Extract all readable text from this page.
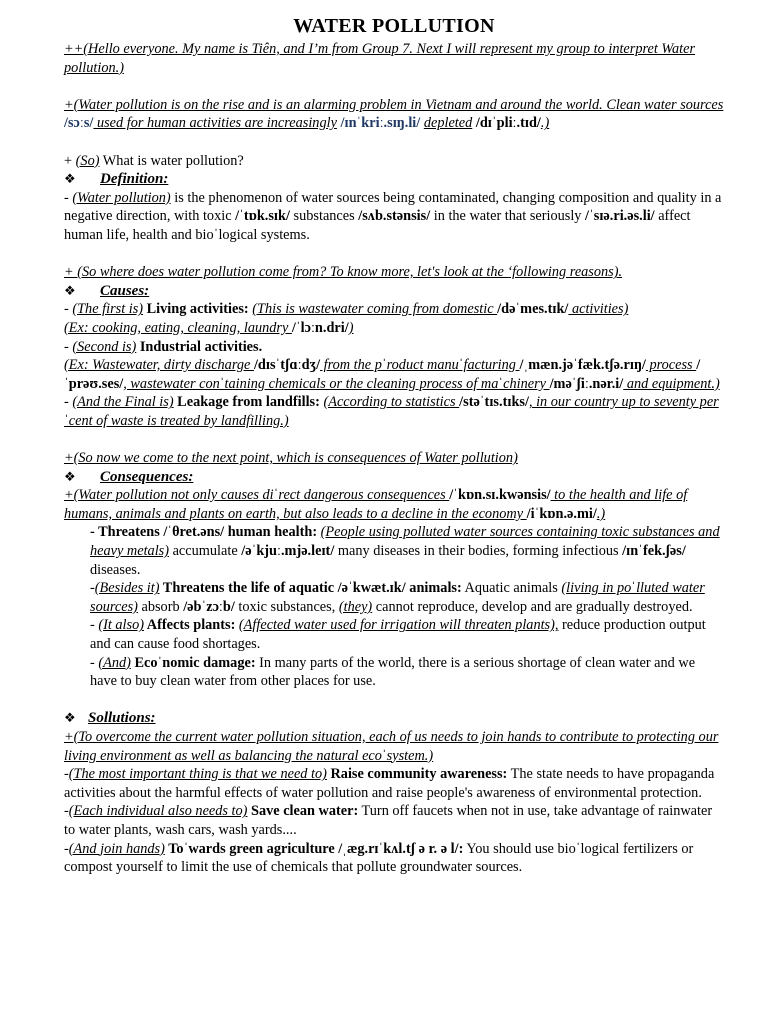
WATER POLLUTION

++(Hello everyone. My name is Tiên, and I’m from Group 7. Next I will represent my group to interpret Water pollution.)

+(Water pollution is on the rise and is an alarming problem in Vietnam and around the world. Clean water sources /sɔːs/ used for human activities are increasingly /ɪnˈkriː.sɪŋ.li/ depleted /dɪˈpliː.tɪd/.)

+ (So) What is water pollution?

❖	Definition:

- (Water pollution) is the phenomenon of water sources being contaminated, changing composition and quality in a negative direction, with toxic /ˈtɒk.sɪk/ substances /sʌb.stənsis/ in the water that seriously /ˈsɪə.ri.əs.li/ affect human life, health and bioˈlogical systems.

+ (So where does water pollution come from? To know more, let's look at the ‘following reasons).

❖	Causes:

- (The first is) Living activities: (This is wastewater coming from domestic /dəˈmes.tɪk/ activities)

(Ex: cooking, eating, cleaning, laundry /ˈlɔːn.dri/)

- (Second is) Industrial activities.

(Ex: Wastewater, dirty discharge /dɪsˈtʃɑːdʒ/ from the pˈroduct manuˈfacturing /ˌmæn.jəˈfæk.tʃə.rɪŋ/ process /ˈprəʊ.ses/, wastewater conˈtaining chemicals or the cleaning process of maˈchinery /məˈʃiː.nər.i/ and equipment.)

- (And the Final is) Leakage from landfills: (According to statistics /stəˈtɪs.tɪks/, in our country up to seventy perˈcent of waste is treated by landfilling.)

+(So now we come to the next point, which is consequences of Water pollution)

❖	Consequences:

+(Water pollution not only causes diˈrect dangerous consequences /ˈkɒn.sɪ.kwənsis/ to the health and life of humans, animals and plants on earth, but also leads to a decline in the economy /iˈkɒn.ə.mi/.)

- Threatens /ˈθret.əns/ human health: (People using polluted water sources containing toxic substances and heavy metals) accumulate /əˈkjuː.mjə.leɪt/ many diseases in their bodies, forming infectious /ɪnˈfek.ʃəs/ diseases.

-(Besides it) Threatens the life of aquatic /əˈkwæt.ɪk/ animals: Aquatic animals (living in poˈlluted water sources) absorb /əbˈzɔːb/ toxic substances, (they) cannot reproduce, develop and are gradually destroyed.

- (It also) Affects plants: (Affected water used for irrigation will threaten plants), reduce production output and can cause food shortages.

- (And) Ecoˈnomic damage: In many parts of the world, there is a serious shortage of clean water and we have to buy clean water from other places for use.

❖ Sollutions:

+(To overcome the current water pollution situation, each of us needs to join hands to contribute to protecting our living environment as well as balancing the natural ecoˈsystem.)

-(The most important thing is that we need to) Raise community awareness: The state needs to have propaganda activities about the harmful effects of water pollution and raise people's awareness of environmental protection.

-(Each individual also needs to) Save clean water: Turn off faucets when not in use, take advantage of rainwater to water plants, wash cars, wash yards....

-(And join hands) Toˈwards green agriculture /ˌæg.rɪˈkʌl.tʃ ə r. ə l/: You should use bioˈlogical fertilizers or compost yourself to limit the use of chemicals that pollute groundwater sources.
